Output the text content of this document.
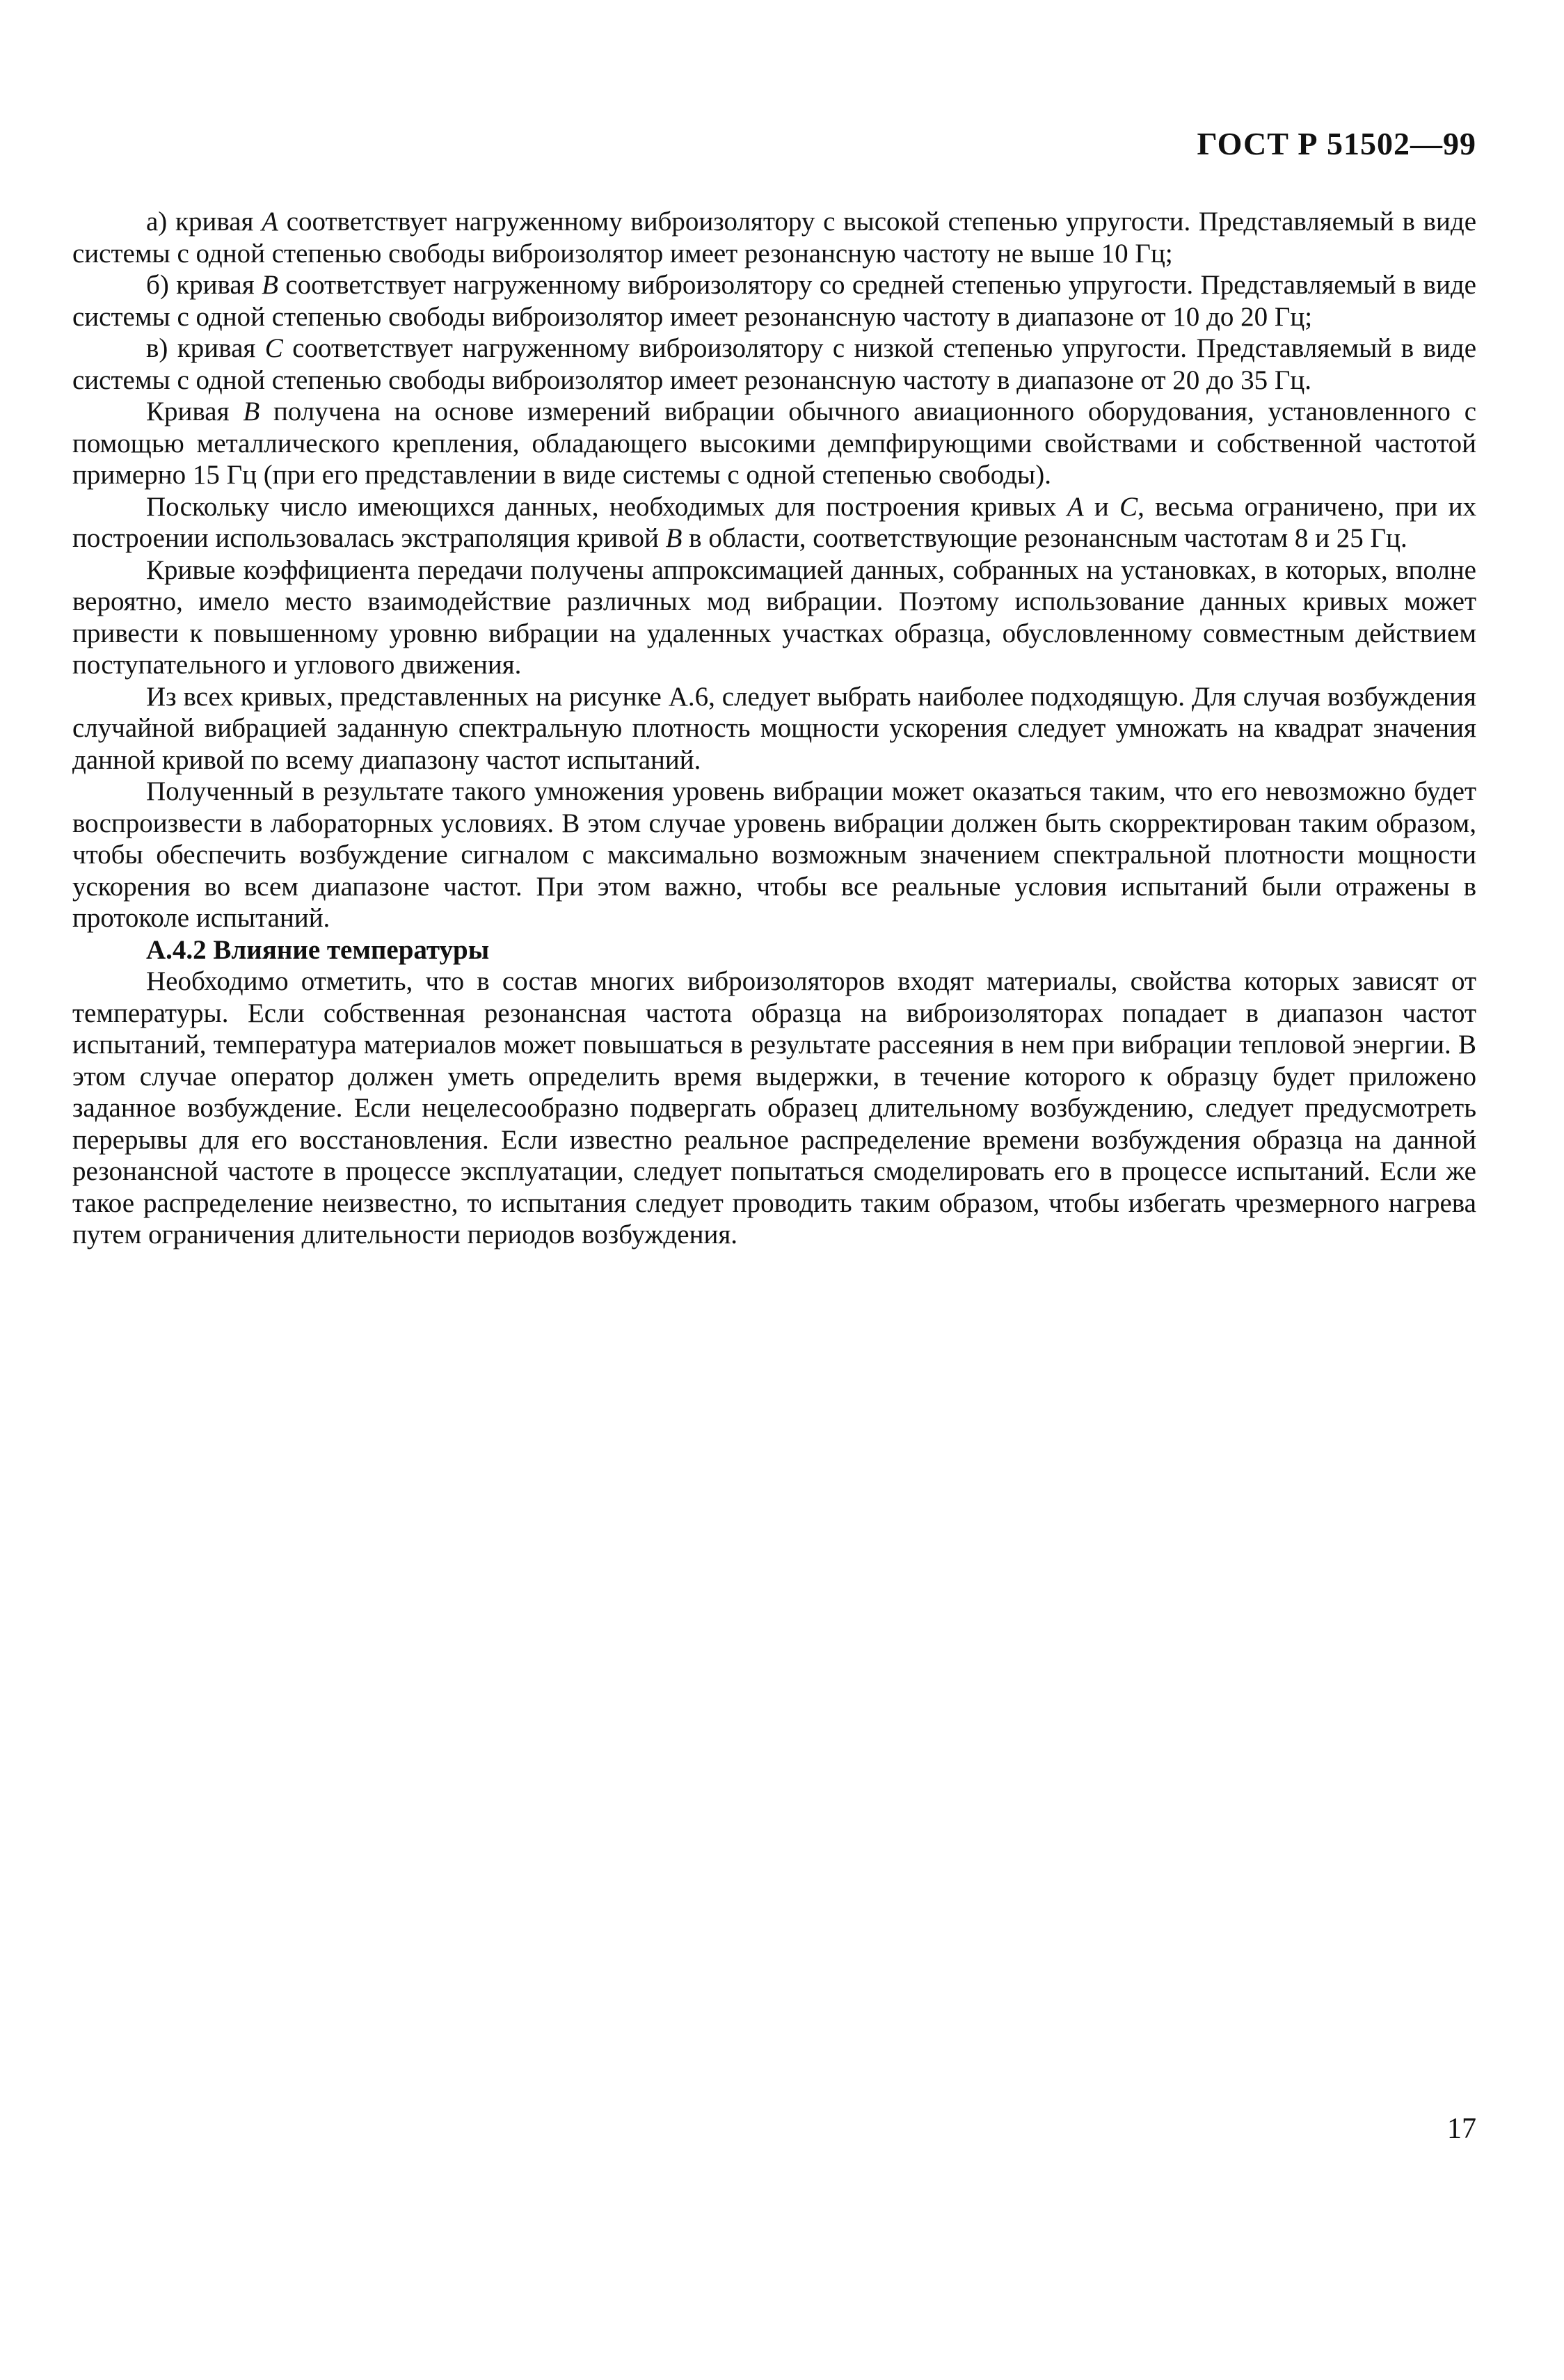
ГОСТ Р 51502—99

а) кривая A соответствует нагруженному виброизолятору с высокой степенью упругости. Представляемый в виде системы с одной степенью свободы виброизолятор имеет резонансную частоту не выше 10 Гц;

б) кривая B соответствует нагруженному виброизолятору со средней степенью упругости. Представляемый в виде системы с одной степенью свободы виброизолятор имеет резонансную частоту в диапазоне от 10 до 20 Гц;

в) кривая C соответствует нагруженному виброизолятору с низкой степенью упругости. Представляемый в виде системы с одной степенью свободы виброизолятор имеет резонансную частоту в диапазоне от 20 до 35 Гц.

Кривая B получена на основе измерений вибрации обычного авиационного оборудования, установленного с помощью металлического крепления, обладающего высокими демпфирующими свойствами и собственной частотой примерно 15 Гц (при его представлении в виде системы с одной степенью свободы).

Поскольку число имеющихся данных, необходимых для построения кривых A и C, весьма ограничено, при их построении использовалась экстраполяция кривой B в области, соответствующие резонансным частотам 8 и 25 Гц.

Кривые коэффициента передачи получены аппроксимацией данных, собранных на установках, в которых, вполне вероятно, имело место взаимодействие различных мод вибрации. Поэтому использование данных кривых может привести к повышенному уровню вибрации на удаленных участках образца, обусловленному совместным действием поступательного и углового движения.

Из всех кривых, представленных на рисунке А.6, следует выбрать наиболее подходящую. Для случая возбуждения случайной вибрацией заданную спектральную плотность мощности ускорения следует умножать на квадрат значения данной кривой по всему диапазону частот испытаний.

Полученный в результате такого умножения уровень вибрации может оказаться таким, что его невозможно будет воспроизвести в лабораторных условиях. В этом случае уровень вибрации должен быть скорректирован таким образом, чтобы обеспечить возбуждение сигналом с максимально возможным значением спектральной плотности мощности ускорения во всем диапазоне частот. При этом важно, чтобы все реальные условия испытаний были отражены в протоколе испытаний.

А.4.2 Влияние температуры

Необходимо отметить, что в состав многих виброизоляторов входят материалы, свойства которых зависят от температуры. Если собственная резонансная частота образца на виброизоляторах попадает в диапазон частот испытаний, температура материалов может повышаться в результате рассеяния в нем при вибрации тепловой энергии. В этом случае оператор должен уметь определить время выдержки, в течение которого к образцу будет приложено заданное возбуждение. Если нецелесообразно подвергать образец длительному возбуждению, следует предусмотреть перерывы для его восстановления. Если известно реальное распределение времени возбуждения образца на данной резонансной частоте в процессе эксплуатации, следует попытаться смоделировать его в процессе испытаний. Если же такое распределение неизвестно, то испытания следует проводить таким образом, чтобы избегать чрезмерного нагрева путем ограничения длительности периодов возбуждения.

17
